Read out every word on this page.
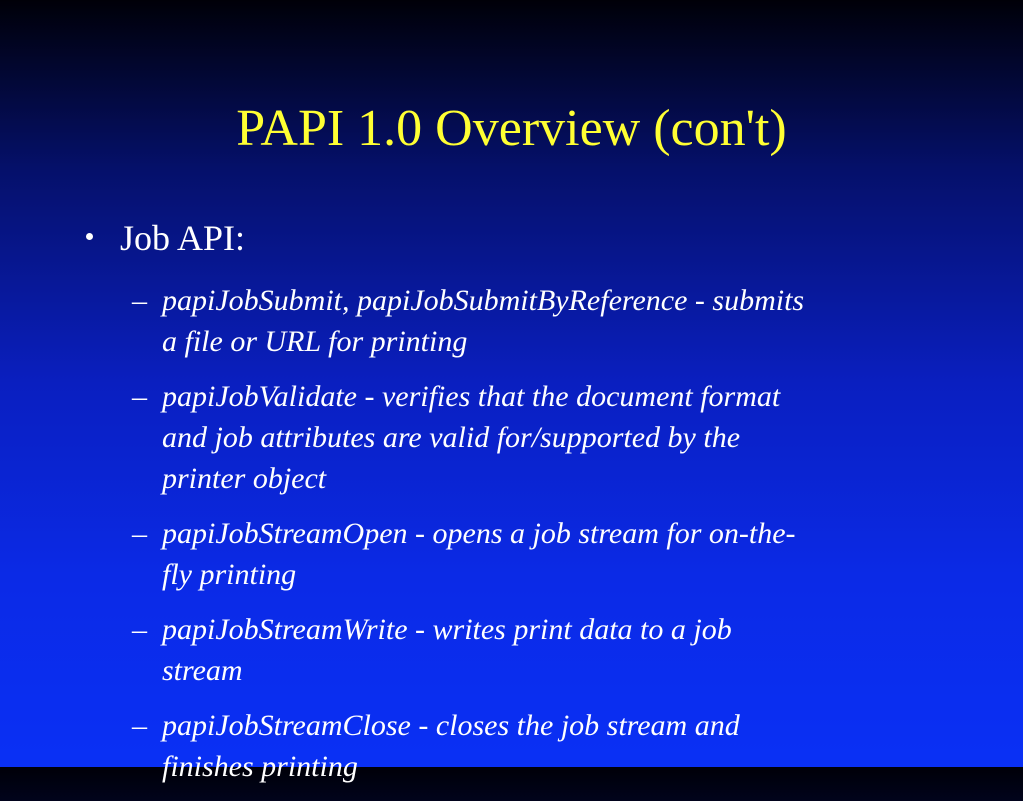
PAPI 1.0 Overview (con't)
Job API:
– papiJobSubmit, papiJobSubmitByReference - submits
a file or URL for printing
– papiJobValidate - verifies that the document format
and job attributes are valid for/supported by the
printer object
– papiJobStreamOpen - opens a job stream for on-the-
fly printing
– papiJobStreamWrite - writes print data to a job
stream
– papiJobStreamClose - closes the job stream and
finishes printing
